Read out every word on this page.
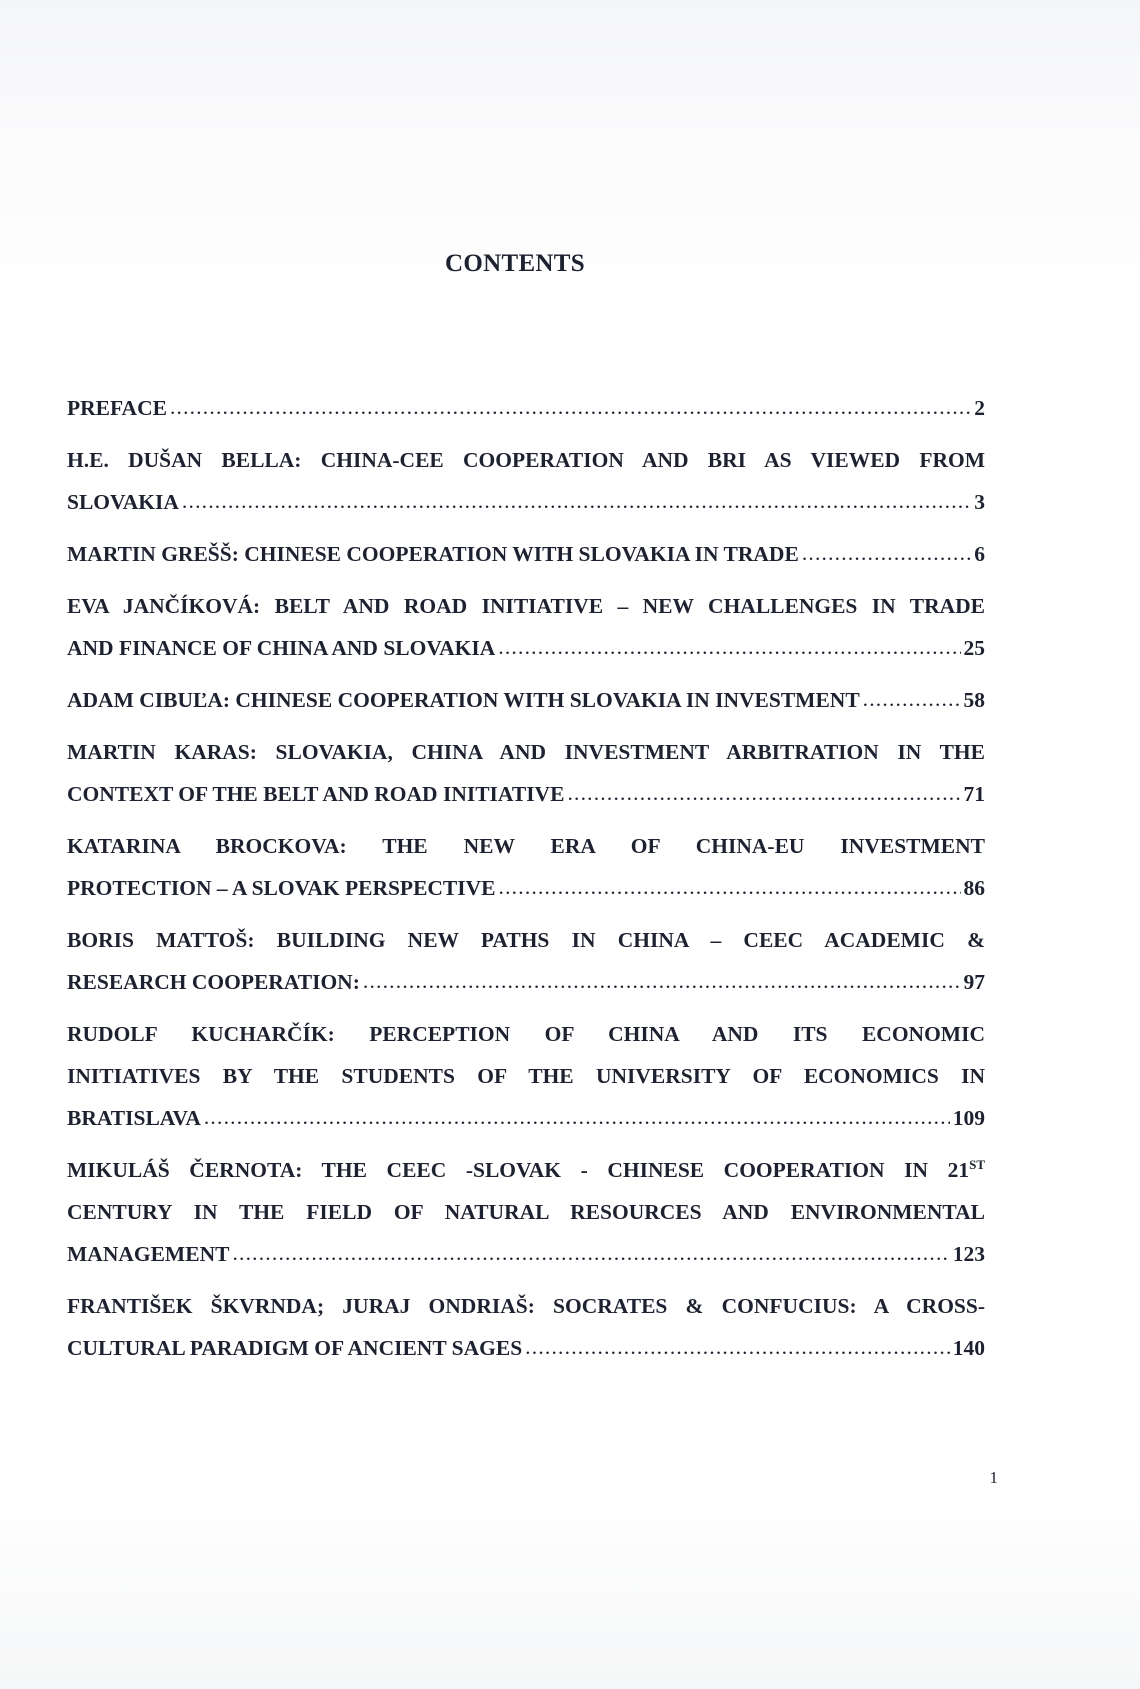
CONTENTS
PREFACE .....	2
H.E. DUŠAN BELLA: CHINA-CEE COOPERATION AND BRI AS VIEWED FROM
SLOVAKIA .....	3
MARTIN GREŠŠ: CHINESE COOPERATION WITH SLOVAKIA IN TRADE .....	6
EVA JANČÍKOVÁ: BELT AND ROAD INITIATIVE – NEW CHALLENGES IN TRADE
AND FINANCE OF CHINA AND SLOVAKIA .....	25
ADAM CIBUĽA: CHINESE COOPERATION WITH SLOVAKIA IN INVESTMENT .....	58
MARTIN KARAS: SLOVAKIA, CHINA AND INVESTMENT ARBITRATION IN THE
CONTEXT OF THE BELT AND ROAD INITIATIVE .....	71
KATARINA BROCKOVA: THE NEW ERA OF CHINA-EU INVESTMENT
PROTECTION – A SLOVAK PERSPECTIVE .....	86
BORIS MATTOŠ: BUILDING NEW PATHS IN CHINA – CEEC ACADEMIC &
RESEARCH COOPERATION: .....	97
RUDOLF KUCHARČÍK: PERCEPTION OF CHINA AND ITS ECONOMIC
INITIATIVES BY THE STUDENTS OF THE UNIVERSITY OF ECONOMICS IN
BRATISLAVA .....	109
MIKULÁŠ ČERNOTA: THE CEEC -SLOVAK - CHINESE COOPERATION IN 21ST
CENTURY IN THE FIELD OF NATURAL RESOURCES AND ENVIRONMENTAL
MANAGEMENT .....	123
FRANTIŠEK ŠKVRNDA; JURAJ ONDRIAŠ: SOCRATES & CONFUCIUS: A CROSS-
CULTURAL PARADIGM OF ANCIENT SAGES .....	140
1
